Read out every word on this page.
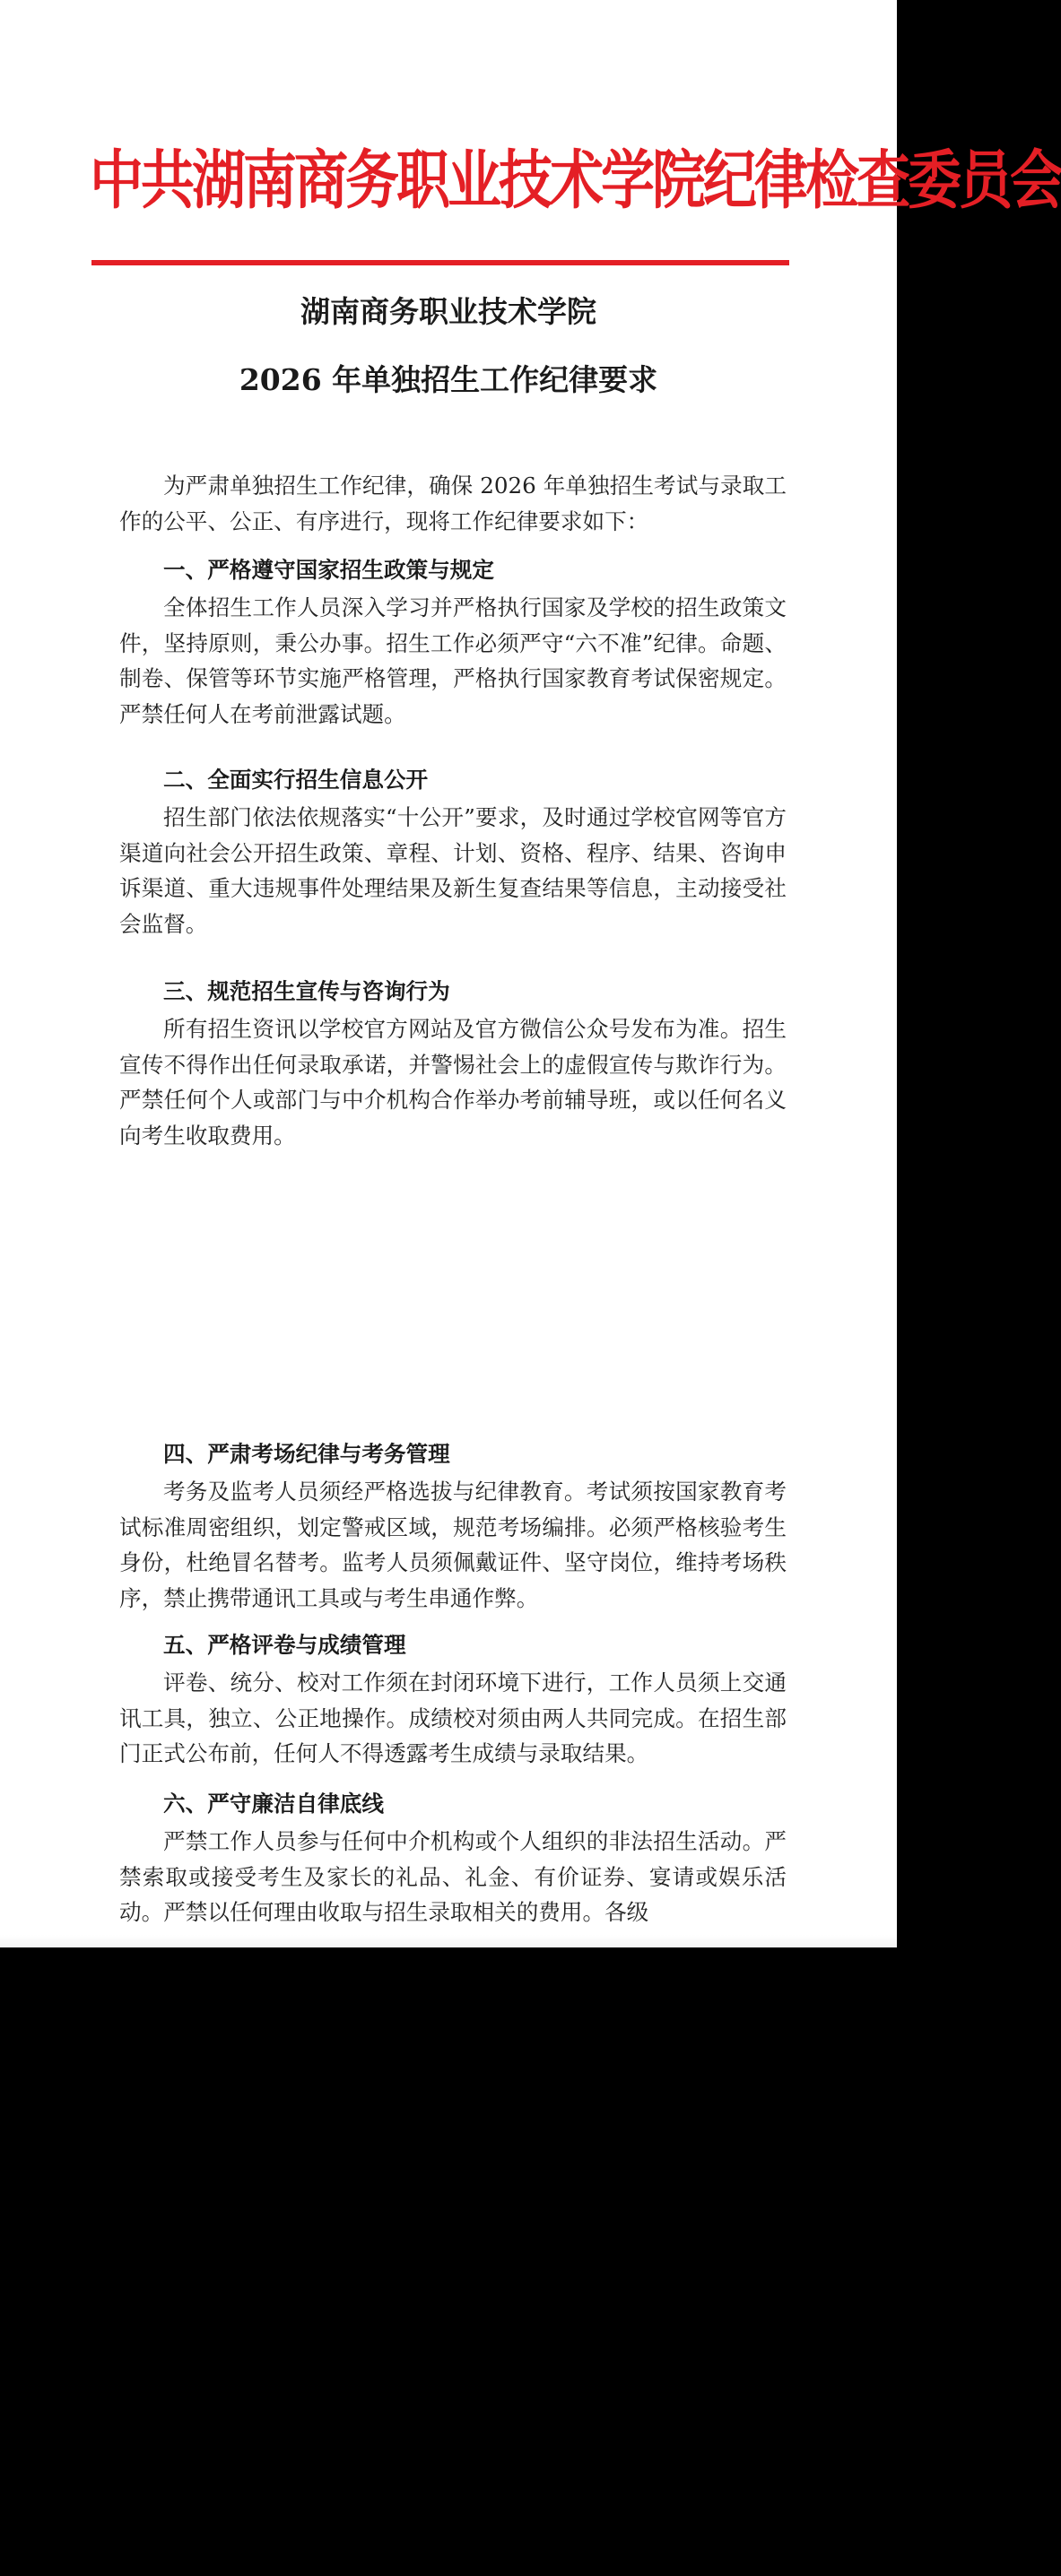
中共湖南商务职业技术学院纪律检查委员会
湖南商务职业技术学院
2026 年单独招生工作纪律要求

为严肃单独招生工作纪律，确保 2026 年单独招生考试与录取工作的公平、公正、有序进行，现将工作纪律要求如下：

一、严格遵守国家招生政策与规定

全体招生工作人员深入学习并严格执行国家及学校的招生政策文件，坚持原则，秉公办事。招生工作必须严守“六不准”纪律。命题、制卷、保管等环节实施严格管理，严格执行国家教育考试保密规定。严禁任何人在考前泄露试题。

二、全面实行招生信息公开

招生部门依法依规落实“十公开”要求，及时通过学校官网等官方渠道向社会公开招生政策、章程、计划、资格、程序、结果、咨询申诉渠道、重大违规事件处理结果及新生复查结果等信息，主动接受社会监督。

三、规范招生宣传与咨询行为

所有招生资讯以学校官方网站及官方微信公众号发布为准。招生宣传不得作出任何录取承诺，并警惕社会上的虚假宣传与欺诈行为。严禁任何个人或部门与中介机构合作举办考前辅导班，或以任何名义向考生收取费用。

四、严肃考场纪律与考务管理

考务及监考人员须经严格选拔与纪律教育。考试须按国家教育考试标准周密组织，划定警戒区域，规范考场编排。必须严格核验考生身份，杜绝冒名替考。监考人员须佩戴证件、坚守岗位，维持考场秩序，禁止携带通讯工具或与考生串通作弊。

五、严格评卷与成绩管理

评卷、统分、校对工作须在封闭环境下进行，工作人员须上交通讯工具，独立、公正地操作。成绩校对须由两人共同完成。在招生部门正式公布前，任何人不得透露考生成绩与录取结果。

六、严守廉洁自律底线

严禁工作人员参与任何中介机构或个人组织的非法招生活动。严禁索取或接受考生及家长的礼品、礼金、有价证券、宴请或娱乐活动。严禁以任何理由收取与招生录取相关的费用。各级
